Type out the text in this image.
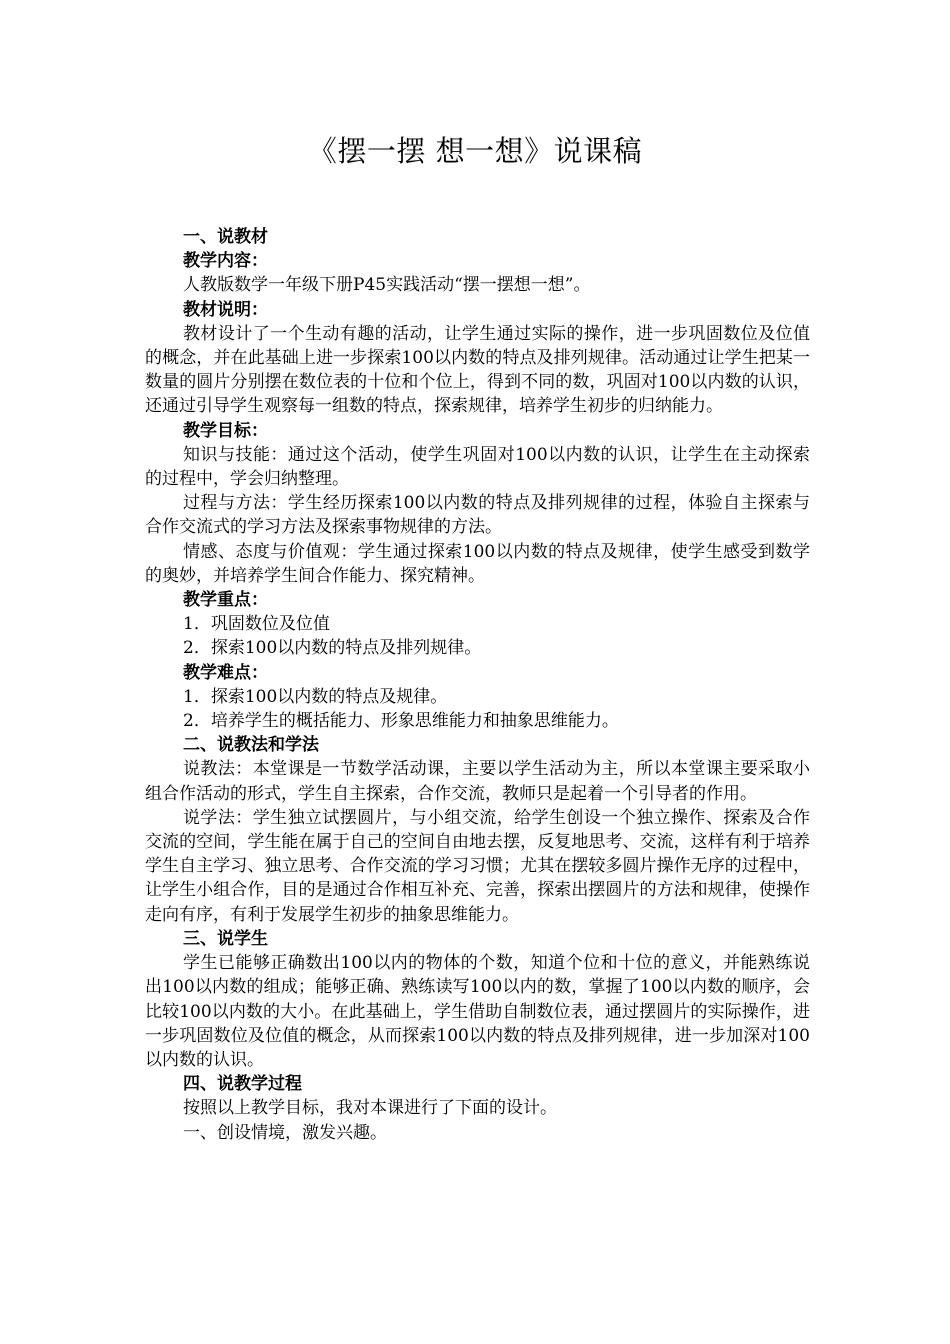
《摆一摆 想一想》说课稿

一、说教材

教学内容：

人教版数学一年级下册P45实践活动“摆一摆想一想”。

教材说明：

教材设计了一个生动有趣的活动，让学生通过实际的操作，进一步巩固数位及位值的概念，并在此基础上进一步探索100以内数的特点及排列规律。活动通过让学生把某一数量的圆片分别摆在数位表的十位和个位上，得到不同的数，巩固对100以内数的认识，还通过引导学生观察每一组数的特点，探索规律，培养学生初步的归纳能力。

教学目标：

知识与技能：通过这个活动，使学生巩固对100以内数的认识，让学生在主动探索的过程中，学会归纳整理。

过程与方法：学生经历探索100以内数的特点及排列规律的过程，体验自主探索与合作交流式的学习方法及探索事物规律的方法。

情感、态度与价值观：学生通过探索100以内数的特点及规律，使学生感受到数学的奥妙，并培养学生间合作能力、探究精神。

教学重点：

1．巩固数位及位值

2．探索100以内数的特点及排列规律。

教学难点：

1．探索100以内数的特点及规律。

2．培养学生的概括能力、形象思维能力和抽象思维能力。

二、说教法和学法

说教法：本堂课是一节数学活动课，主要以学生活动为主，所以本堂课主要采取小组合作活动的形式，学生自主探索，合作交流，教师只是起着一个引导者的作用。

说学法：学生独立试摆圆片，与小组交流，给学生创设一个独立操作、探索及合作交流的空间，学生能在属于自己的空间自由地去摆，反复地思考、交流，这样有利于培养学生自主学习、独立思考、合作交流的学习习惯；尤其在摆较多圆片操作无序的过程中，让学生小组合作，目的是通过合作相互补充、完善，探索出摆圆片的方法和规律，使操作走向有序，有利于发展学生初步的抽象思维能力。

三、说学生

学生已能够正确数出100以内的物体的个数，知道个位和十位的意义，并能熟练说出100以内数的组成；能够正确、熟练读写100以内的数，掌握了100以内数的顺序，会比较100以内数的大小。在此基础上，学生借助自制数位表，通过摆圆片的实际操作，进一步巩固数位及位值的概念，从而探索100以内数的特点及排列规律，进一步加深对100以内数的认识。

四、说教学过程

按照以上教学目标，我对本课进行了下面的设计。

一、创设情境，激发兴趣。
